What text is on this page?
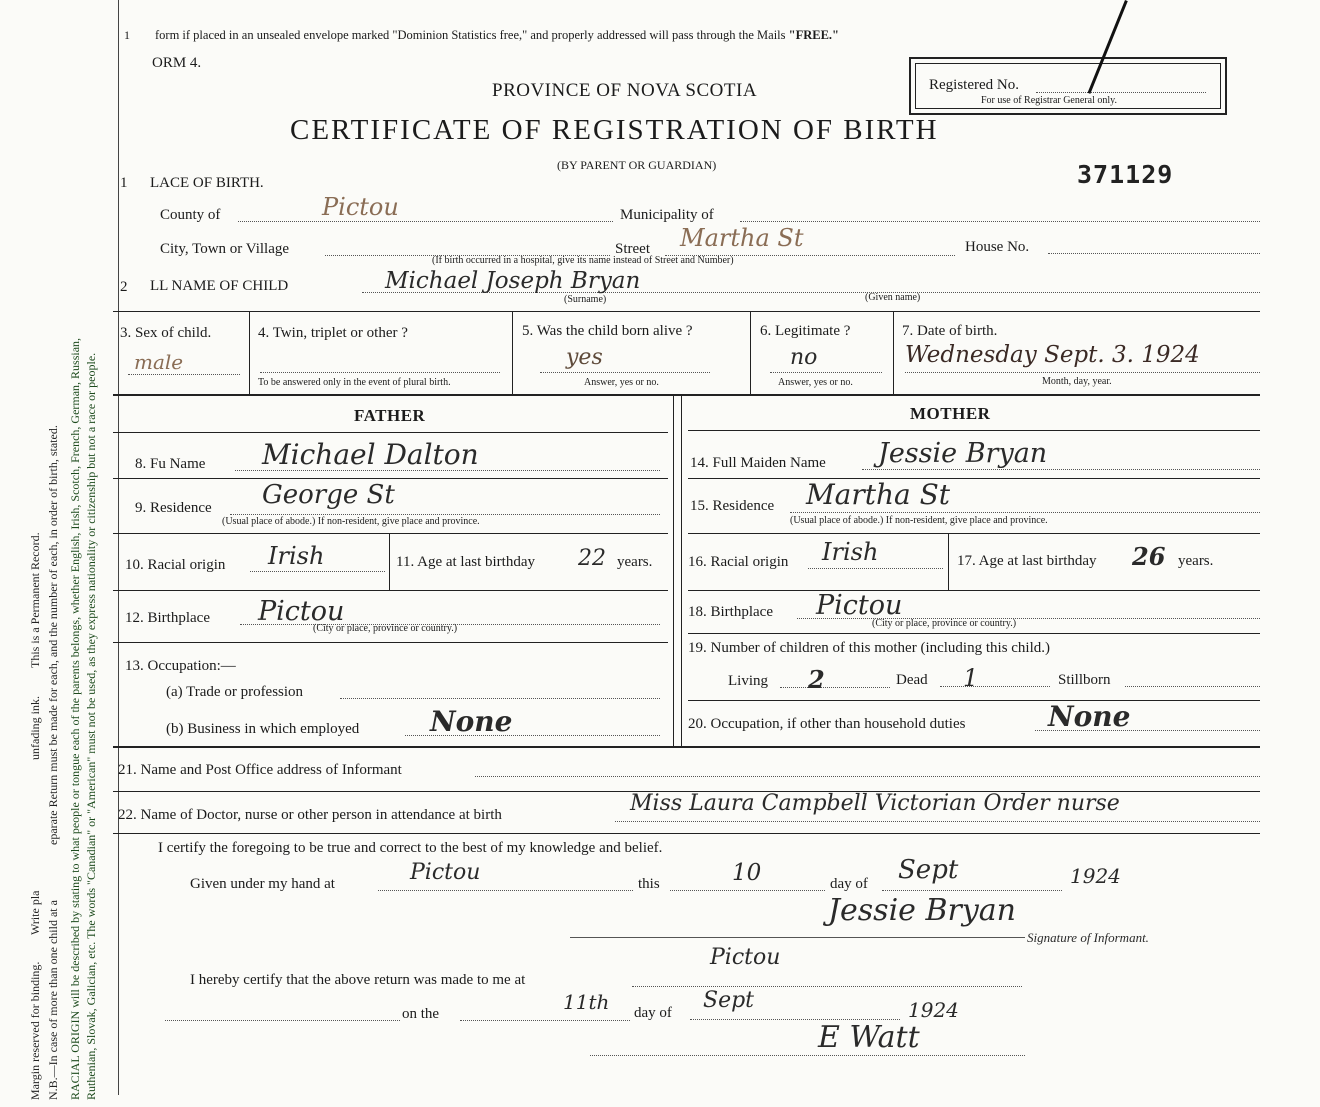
Margin reserved for binding.
Write pla
unfading ink.
This is a Permanent Record.
N.B.—In case of more than one child at a
eparate Return must be made for each, and the number of each, in order of birth, stated. RACIAL ORIGIN will be described by stating to what people or tongue each of the parents belongs, whether English, Irish, Scotch, French, German, Russian, Ruthenian, Slovak, Galician, etc. The words "Canadian" or "American" must not be used, as they express nationality or citizenship but not a race or people.
1 form if placed in an unsealed envelope marked "Dominion Statistics free," and properly addressed will pass through the Mails "FREE."
ORM 4.
Registered No.
For use of Registrar General only.
PROVINCE OF NOVA SCOTIA
CERTIFICATE OF REGISTRATION OF BIRTH
(BY PARENT OR GUARDIAN)	371129
1 LACE OF BIRTH.
County of	Pictou	Municipality of
City, Town or Village	Street Martha St	House No.
(If birth occurred in a hospital, give its name instead of Street and Number)
2 LL NAME OF CHILD	Michael Joseph Bryan
(Surname)	(Given name)
3. Sex of child.
male
4. Twin, triplet or other ?
To be answered only in the event of plural birth.
5. Was the child born alive ?
yes
Answer, yes or no.
6. Legitimate ?
no
Answer, yes or no.
7. Date of birth.
Wednesday Sept. 3. 1924
Month, day, year.
FATHER	MOTHER
8. Fu Name Michael Dalton
9. Residence George St
(Usual place of abode.) If non-resident, give place and province.
10. Racial origin Irish	11. Age at last birthday 22 years.
12. Birthplace Pictou
(City or place, province or country.)
13. Occupation:—
(a) Trade or profession
(b) Business in which employed	None
14. Full Maiden Name Jessie Bryan
15. Residence Martha St
(Usual place of abode.) If non-resident, give place and province.
16. Racial origin Irish	17. Age at last birthday 26 years.
18. Birthplace Pictou
(City or place, province or country.)
19. Number of children of this mother (including this child.)
Living 2	Dead 1	Stillborn
20. Occupation, if other than household duties	None
21. Name and Post Office address of Informant
22. Name of Doctor, nurse or other person in attendance at birth	Miss Laura Campbell Victorian Order nurse
I certify the foregoing to be true and correct to the best of my knowledge and belief.
Given under my hand at	Pictou	this	10	day of Sept	1924
Jessie Bryan
Signature of Informant.
I hereby certify that the above return was made to me at
Pictou
on the	11th day of Sept	1924
E Watt
